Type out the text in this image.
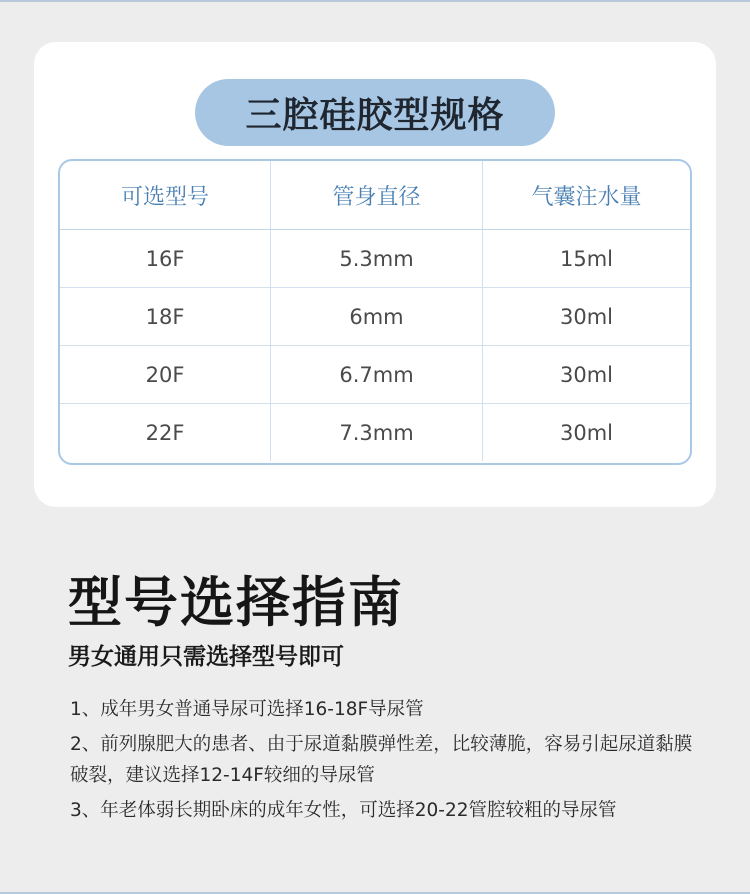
三腔硅胶型规格
可选型号	管身直径	气囊注水量
16F	5.3mm	15ml
18F	6mm	30ml
20F	6.7mm	30ml
22F	7.3mm	30ml
型号选择指南
男女通用只需选择型号即可
1、成年男女普通导尿可选择16-18F导尿管
2、前列腺肥大的患者、由于尿道黏膜弹性差，比较薄脆，容易引起尿道黏膜破裂，建议选择12-14F较细的导尿管
3、年老体弱长期卧床的成年女性，可选择20-22管腔较粗的导尿管
